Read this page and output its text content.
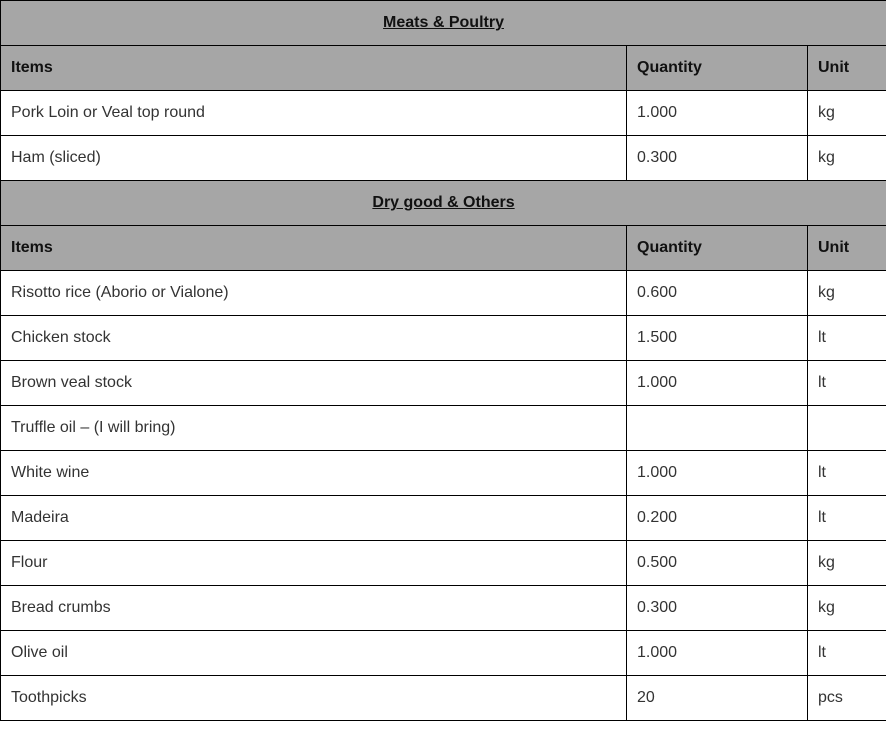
Meats & Poultry		
Items	Quantity	Unit
Pork Loin or Veal top round	1.000	kg
Ham (sliced)	0.300	kg
Dry good & Others		
Items	Quantity	Unit
Risotto rice (Aborio or Vialone)	0.600	kg
Chicken stock	1.500	lt
Brown veal stock	1.000	lt
Truffle oil – (I will bring)		
White wine	1.000	lt
Madeira	0.200	lt
Flour	0.500	kg
Bread crumbs	0.300	kg
Olive oil	1.000	lt
Toothpicks	20	pcs
